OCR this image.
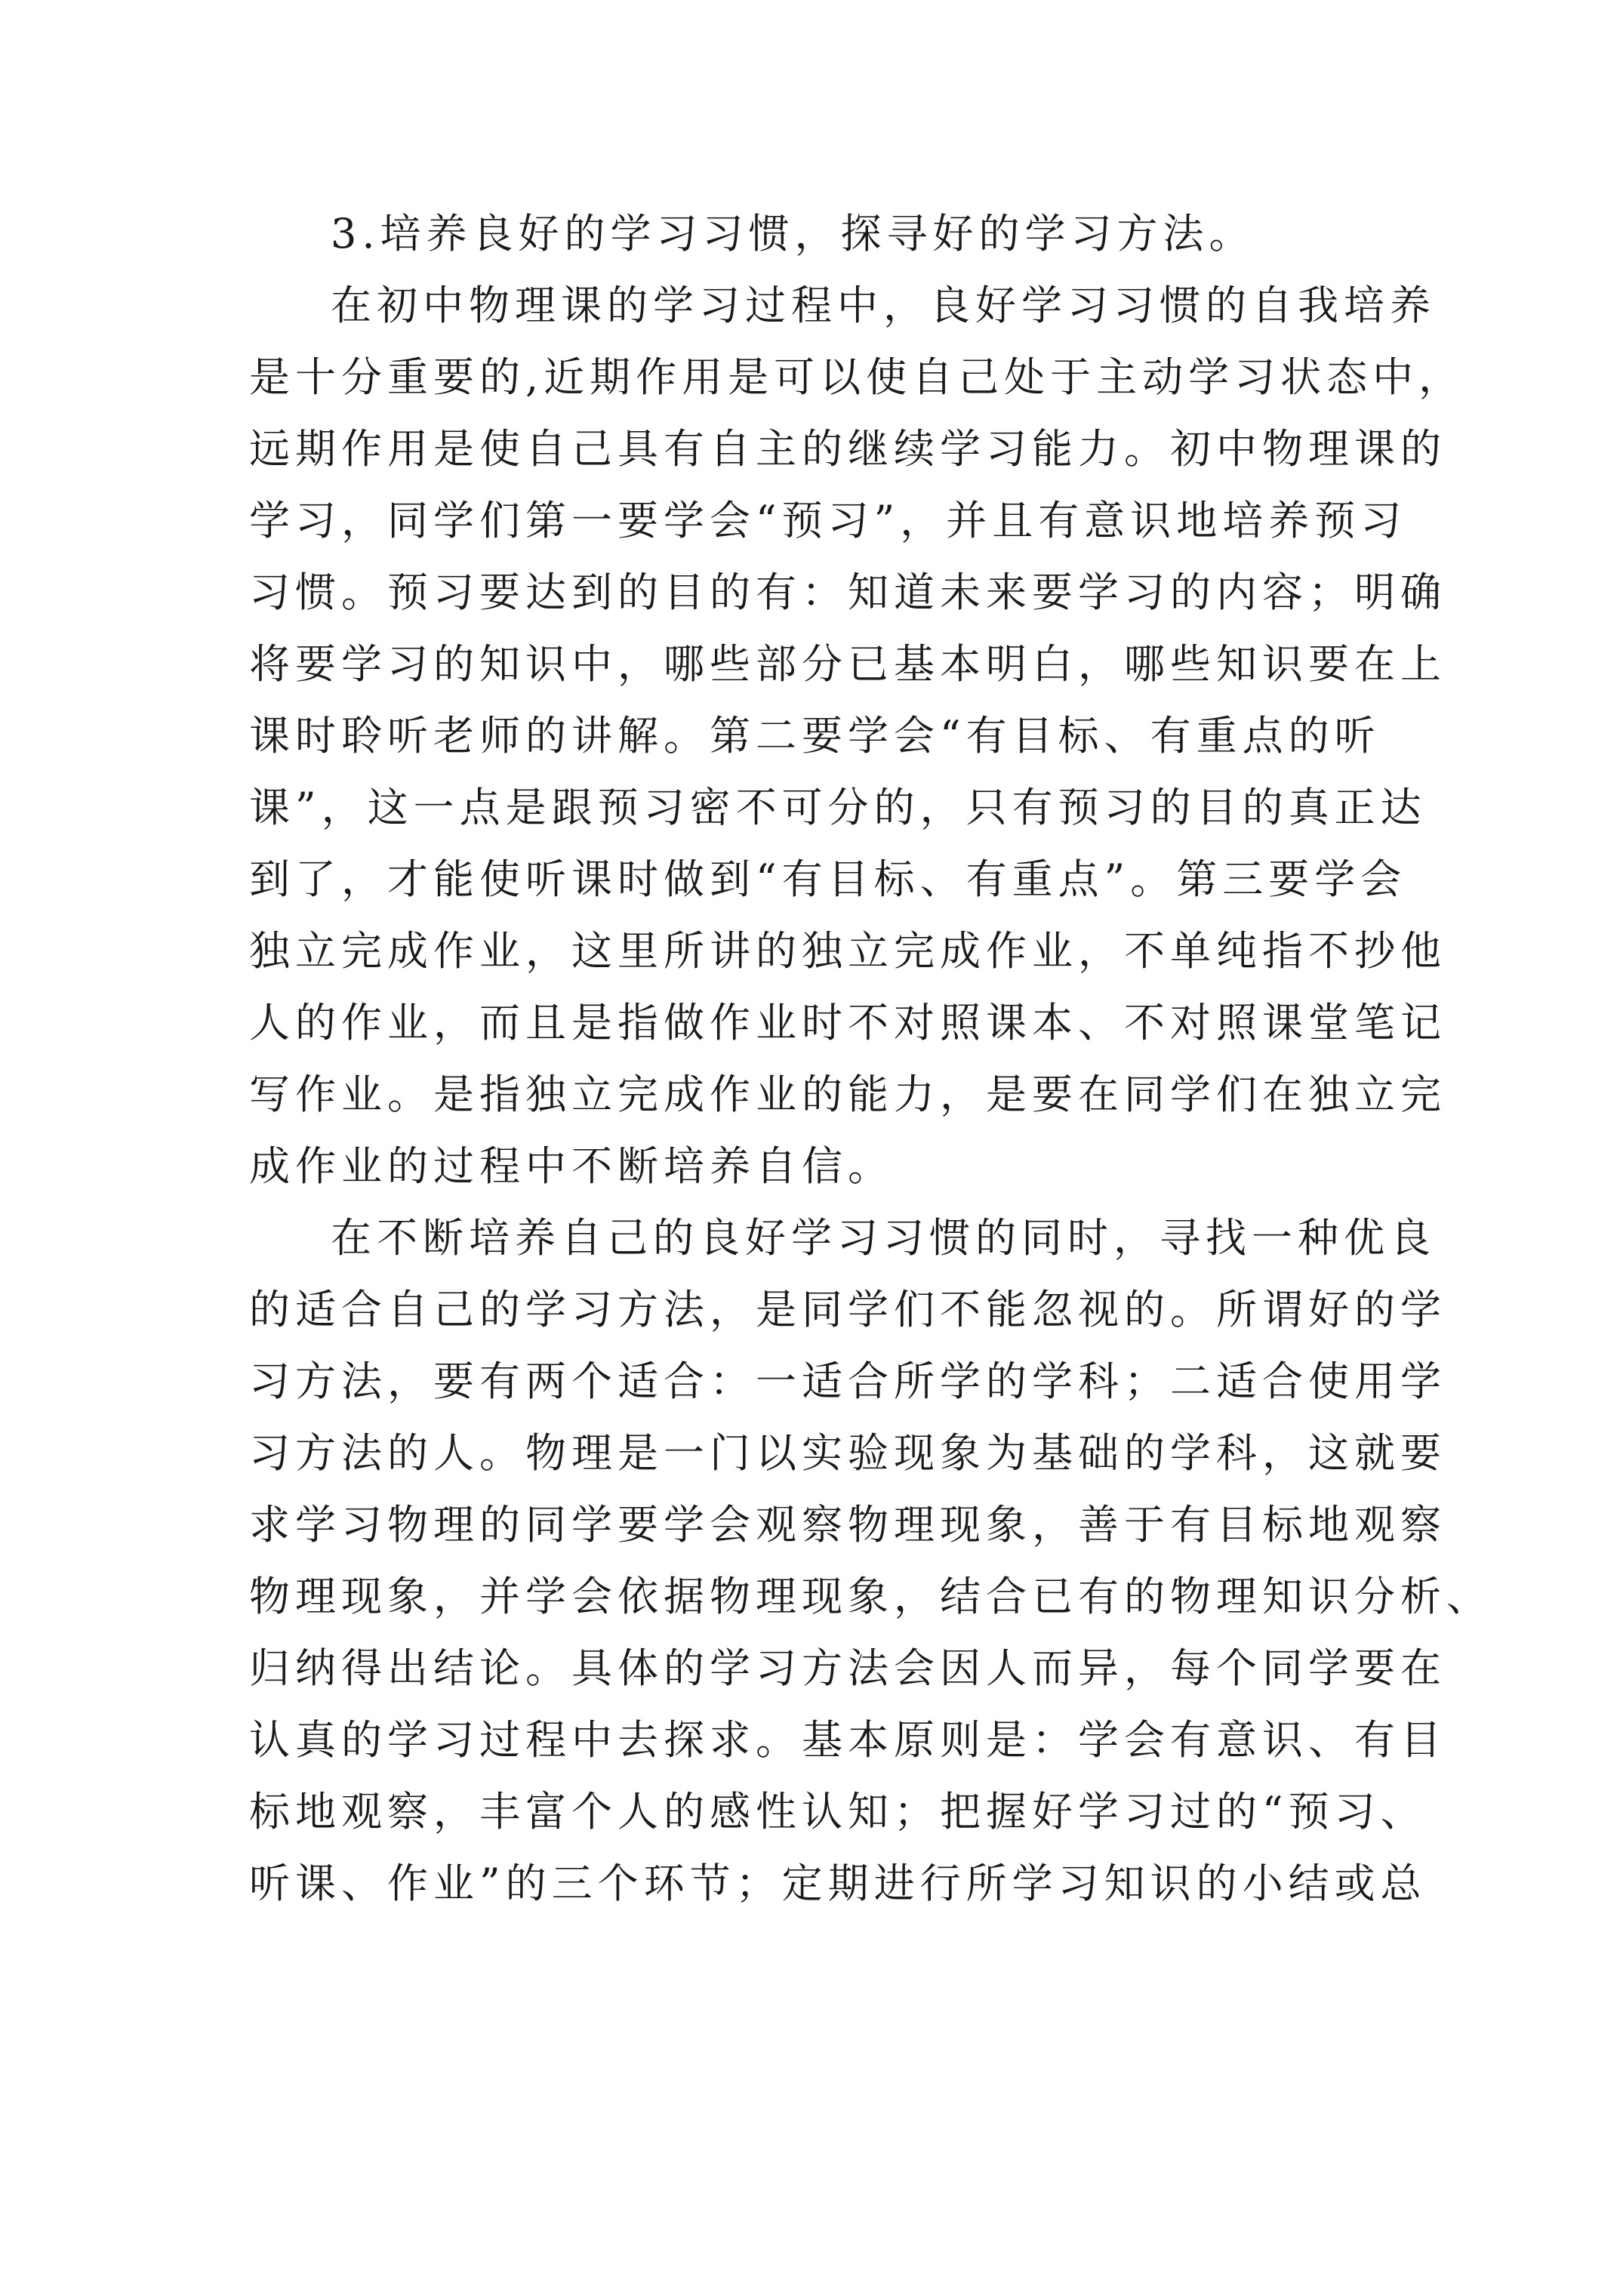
3.培养良好的学习习惯，探寻好的学习方法。
在初中物理课的学习过程中，良好学习习惯的自我培养
是十分重要的,近期作用是可以使自己处于主动学习状态中，
远期作用是使自己具有自主的继续学习能力。初中物理课的
学习，同学们第一要学会“预习”，并且有意识地培养预习
习惯。预习要达到的目的有：知道未来要学习的内容；明确
将要学习的知识中，哪些部分已基本明白，哪些知识要在上
课时聆听老师的讲解。第二要学会“有目标、有重点的听
课”，这一点是跟预习密不可分的，只有预习的目的真正达
到了，才能使听课时做到“有目标、有重点”。第三要学会
独立完成作业，这里所讲的独立完成作业，不单纯指不抄他
人的作业，而且是指做作业时不对照课本、不对照课堂笔记
写作业。是指独立完成作业的能力，是要在同学们在独立完
成作业的过程中不断培养自信。
在不断培养自己的良好学习习惯的同时，寻找一种优良
的适合自己的学习方法，是同学们不能忽视的。所谓好的学
习方法，要有两个适合：一适合所学的学科；二适合使用学
习方法的人。物理是一门以实验现象为基础的学科，这就要
求学习物理的同学要学会观察物理现象，善于有目标地观察
物理现象，并学会依据物理现象，结合已有的物理知识分析、
归纳得出结论。具体的学习方法会因人而异，每个同学要在
认真的学习过程中去探求。基本原则是：学会有意识、有目
标地观察，丰富个人的感性认知；把握好学习过的“预习、
听课、作业”的三个环节；定期进行所学习知识的小结或总
